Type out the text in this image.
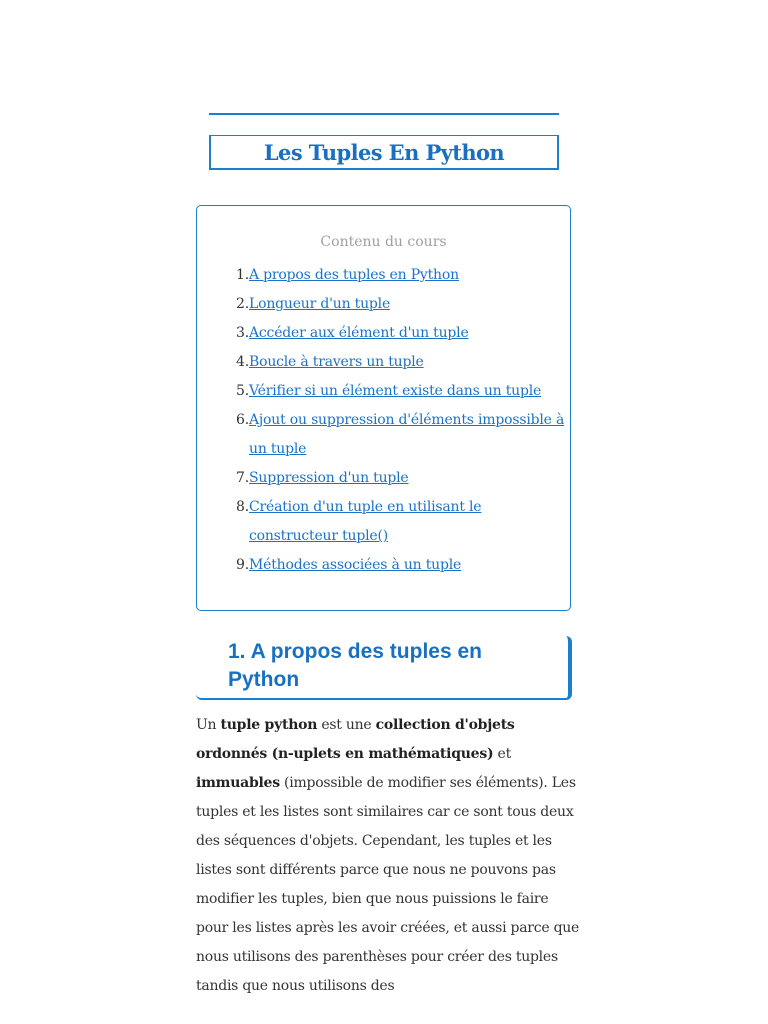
Les Tuples En Python
Contenu du cours
1. A propos des tuples en Python
2. Longueur d'un tuple
3. Accéder aux élément d'un tuple
4. Boucle à travers un tuple
5. Vérifier si un élément existe dans un tuple
6. Ajout ou suppression d'éléments impossible à un tuple
7. Suppression d'un tuple
8. Création d'un tuple en utilisant le constructeur tuple()
9. Méthodes associées à un tuple
1. A propos des tuples en Python

Un tuple python est une collection d'objets ordonnés (n-uplets en mathématiques) et immuables (impossible de modifier ses éléments). Les tuples et les listes sont similaires car ce sont tous deux des séquences d'objets. Cependant, les tuples et les listes sont différents parce que nous ne pouvons pas modifier les tuples, bien que nous puissions le faire pour les listes après les avoir créées, et aussi parce que nous utilisons des parenthèses pour créer des tuples tandis que nous utilisons des
